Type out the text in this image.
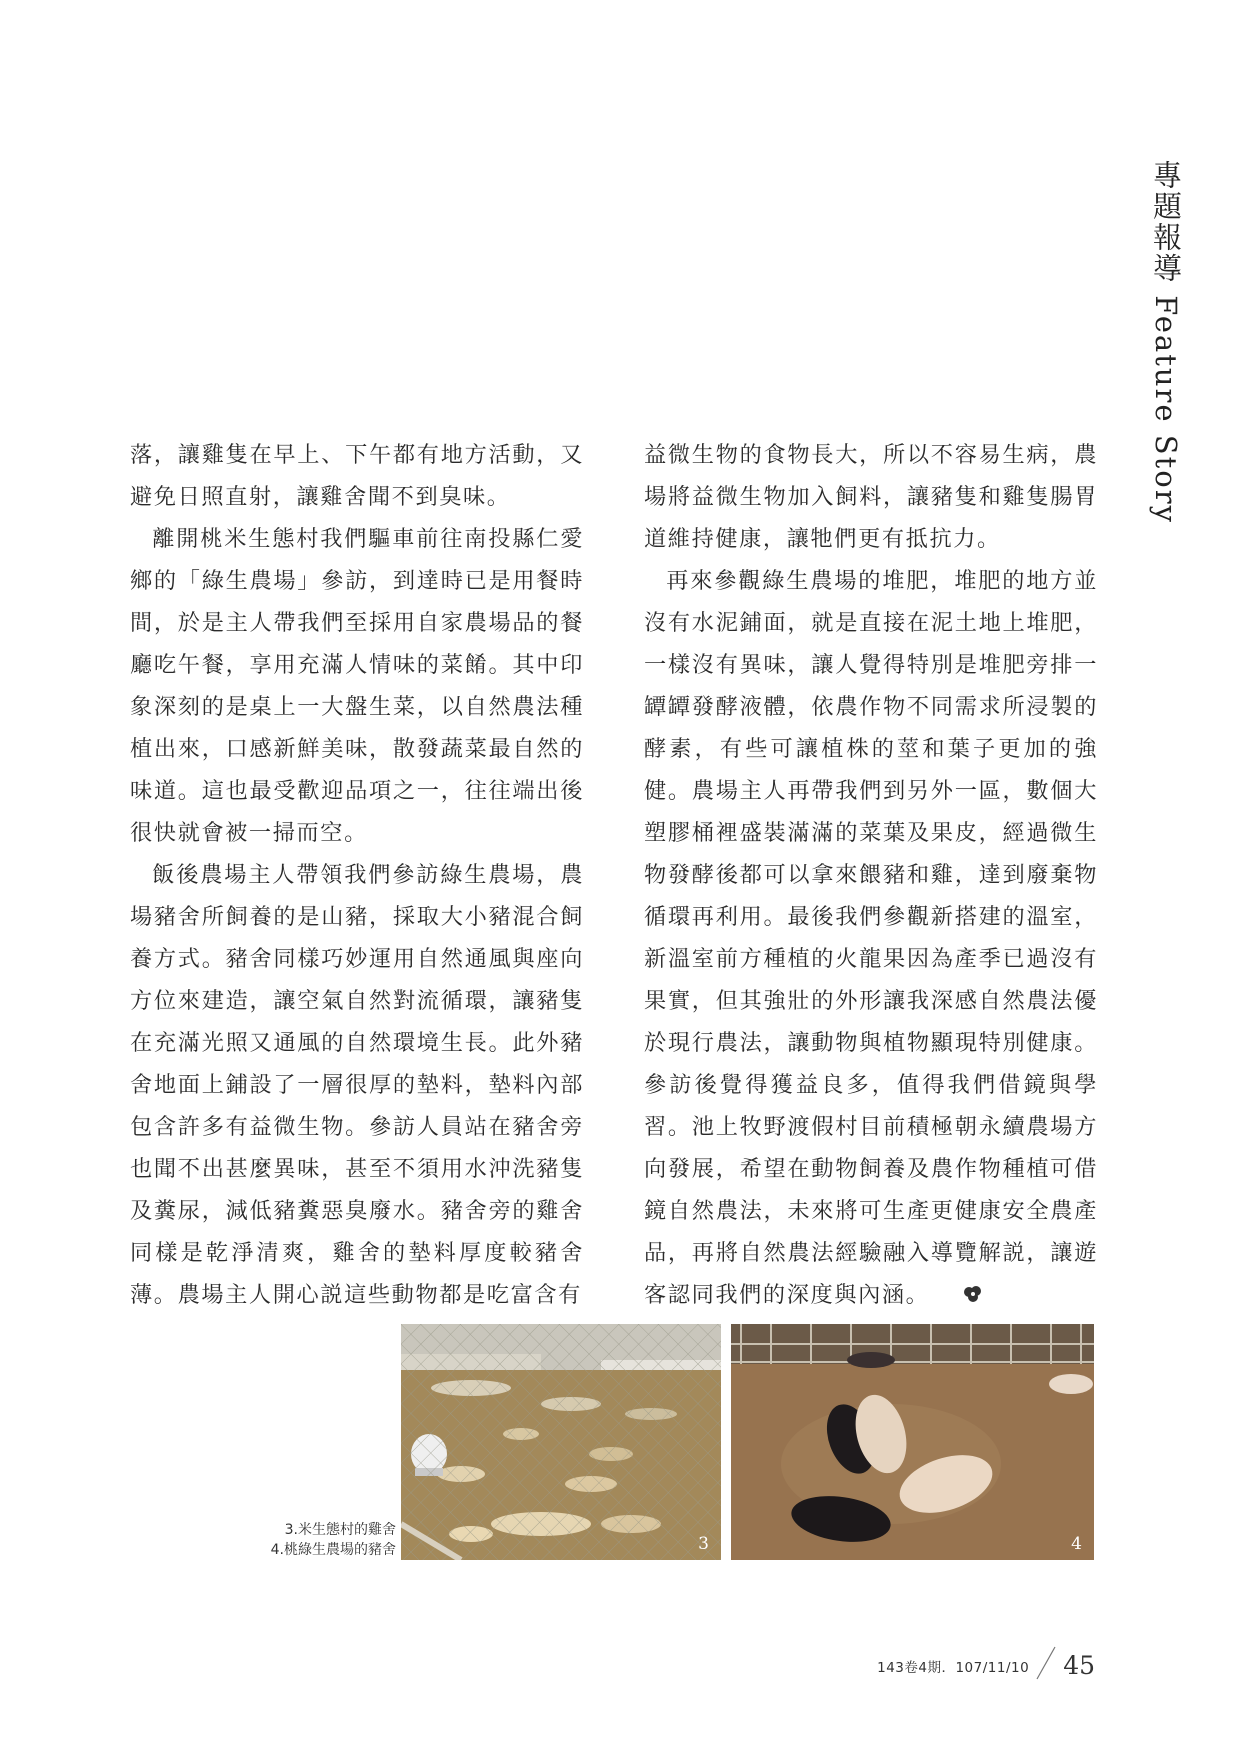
專題報導 Feature Story

落，讓雞隻在早上、下午都有地方活動，又避免日照直射，讓雞舍聞不到臭味。

離開桃米生態村我們驅車前往南投縣仁愛鄉的「綠生農場」參訪，到達時已是用餐時間，於是主人帶我們至採用自家農場品的餐廳吃午餐，享用充滿人情味的菜餚。其中印象深刻的是桌上一大盤生菜，以自然農法種植出來，口感新鮮美味，散發蔬菜最自然的味道。這也最受歡迎品項之一，往往端出後很快就會被一掃而空。

飯後農場主人帶領我們參訪綠生農場，農場豬舍所飼養的是山豬，採取大小豬混合飼養方式。豬舍同樣巧妙運用自然通風與座向方位來建造，讓空氣自然對流循環，讓豬隻在充滿光照又通風的自然環境生長。此外豬舍地面上鋪設了一層很厚的墊料，墊料內部包含許多有益微生物。參訪人員站在豬舍旁也聞不出甚麼異味，甚至不須用水沖洗豬隻及糞尿，減低豬糞惡臭廢水。豬舍旁的雞舍同樣是乾淨清爽，雞舍的墊料厚度較豬舍薄。農場主人開心説這些動物都是吃富含有

益微生物的食物長大，所以不容易生病，農場將益微生物加入飼料，讓豬隻和雞隻腸胃道維持健康，讓牠們更有抵抗力。

再來參觀綠生農場的堆肥，堆肥的地方並沒有水泥鋪面，就是直接在泥土地上堆肥，一樣沒有異味，讓人覺得特別是堆肥旁排一罈罈發酵液體，依農作物不同需求所浸製的酵素，有些可讓植株的莖和葉子更加的強健。農場主人再帶我們到另外一區，數個大塑膠桶裡盛裝滿滿的菜葉及果皮，經過微生物發酵後都可以拿來餵豬和雞，達到廢棄物循環再利用。最後我們參觀新搭建的溫室，新溫室前方種植的火龍果因為產季已過沒有果實，但其強壯的外形讓我深感自然農法優於現行農法，讓動物與植物顯現特別健康。參訪後覺得獲益良多，值得我們借鏡與學習。池上牧野渡假村目前積極朝永續農場方向發展，希望在動物飼養及農作物種植可借鏡自然農法，未來將可生產更健康安全農產品，再將自然農法經驗融入導覽解説，讓遊客認同我們的深度與內涵。

3	4
3.米生態村的雞舍
4.桃綠生農場的豬舍
143卷4期．107/11/10 45
